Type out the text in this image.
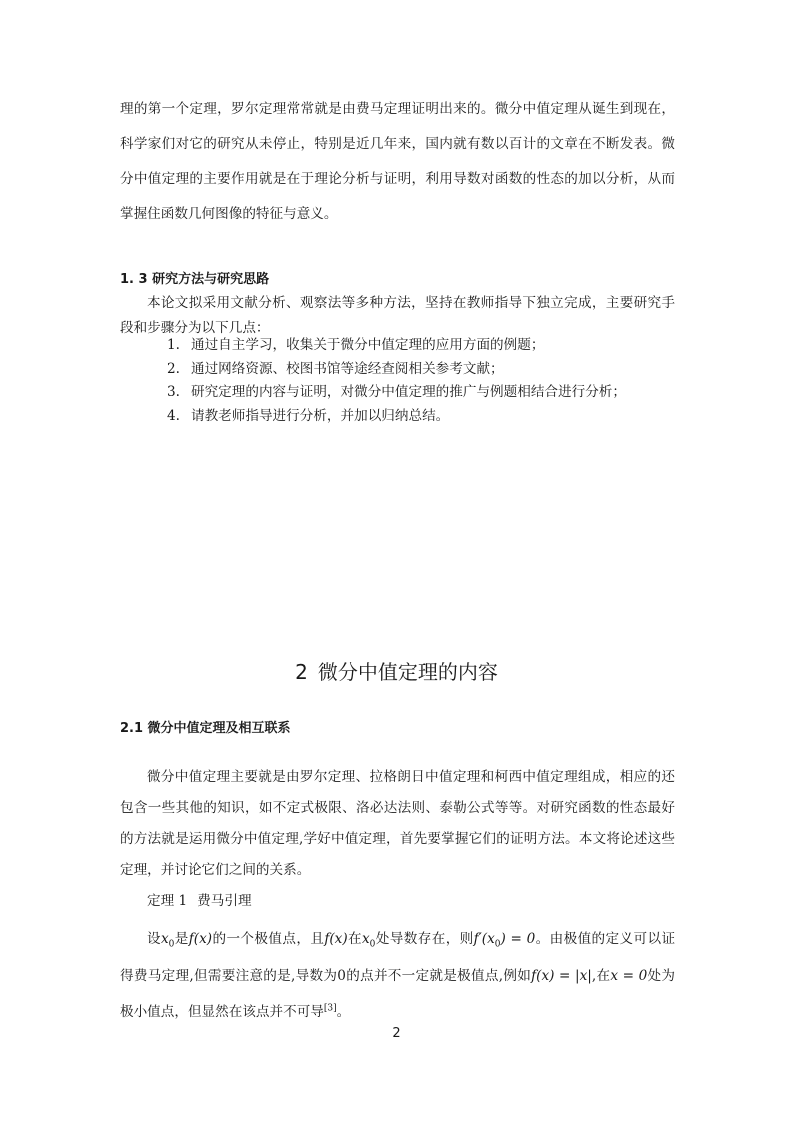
理的第一个定理，罗尔定理常常就是由费马定理证明出来的。微分中值定理从诞生到现在，科学家们对它的研究从未停止，特别是近几年来，国内就有数以百计的文章在不断发表。微分中值定理的主要作用就是在于理论分析与证明，利用导数对函数的性态的加以分析，从而掌握住函数几何图像的特征与意义。
1. 3 研究方法与研究思路
本论文拟采用文献分析、观察法等多种方法，坚持在教师指导下独立完成，主要研究手段和步骤分为以下几点：
1. 通过自主学习，收集关于微分中值定理的应用方面的例题；
2. 通过网络资源、校图书馆等途经查阅相关参考文献；
3. 研究定理的内容与证明，对微分中值定理的推广与例题相结合进行分析；
4. 请教老师指导进行分析，并加以归纳总结。
2 微分中值定理的内容
2.1 微分中值定理及相互联系
微分中值定理主要就是由罗尔定理、拉格朗日中值定理和柯西中值定理组成，相应的还包含一些其他的知识，如不定式极限、洛必达法则、泰勒公式等等。对研究函数的性态最好的方法就是运用微分中值定理,学好中值定理，首先要掌握它们的证明方法。本文将论述这些定理，并讨论它们之间的关系。
定理 1 费马引理
设$x_0$是f(x)的一个极值点，且f(x)在$x_0$处导数存在，则$f'(x_0) = 0$。由极值的定义可以证得费马定理,但需要注意的是,导数为0的点并不一定就是极值点,例如f(x) = |x|,在x = 0处为极小值点，但显然在该点并不可导[3]。
2
